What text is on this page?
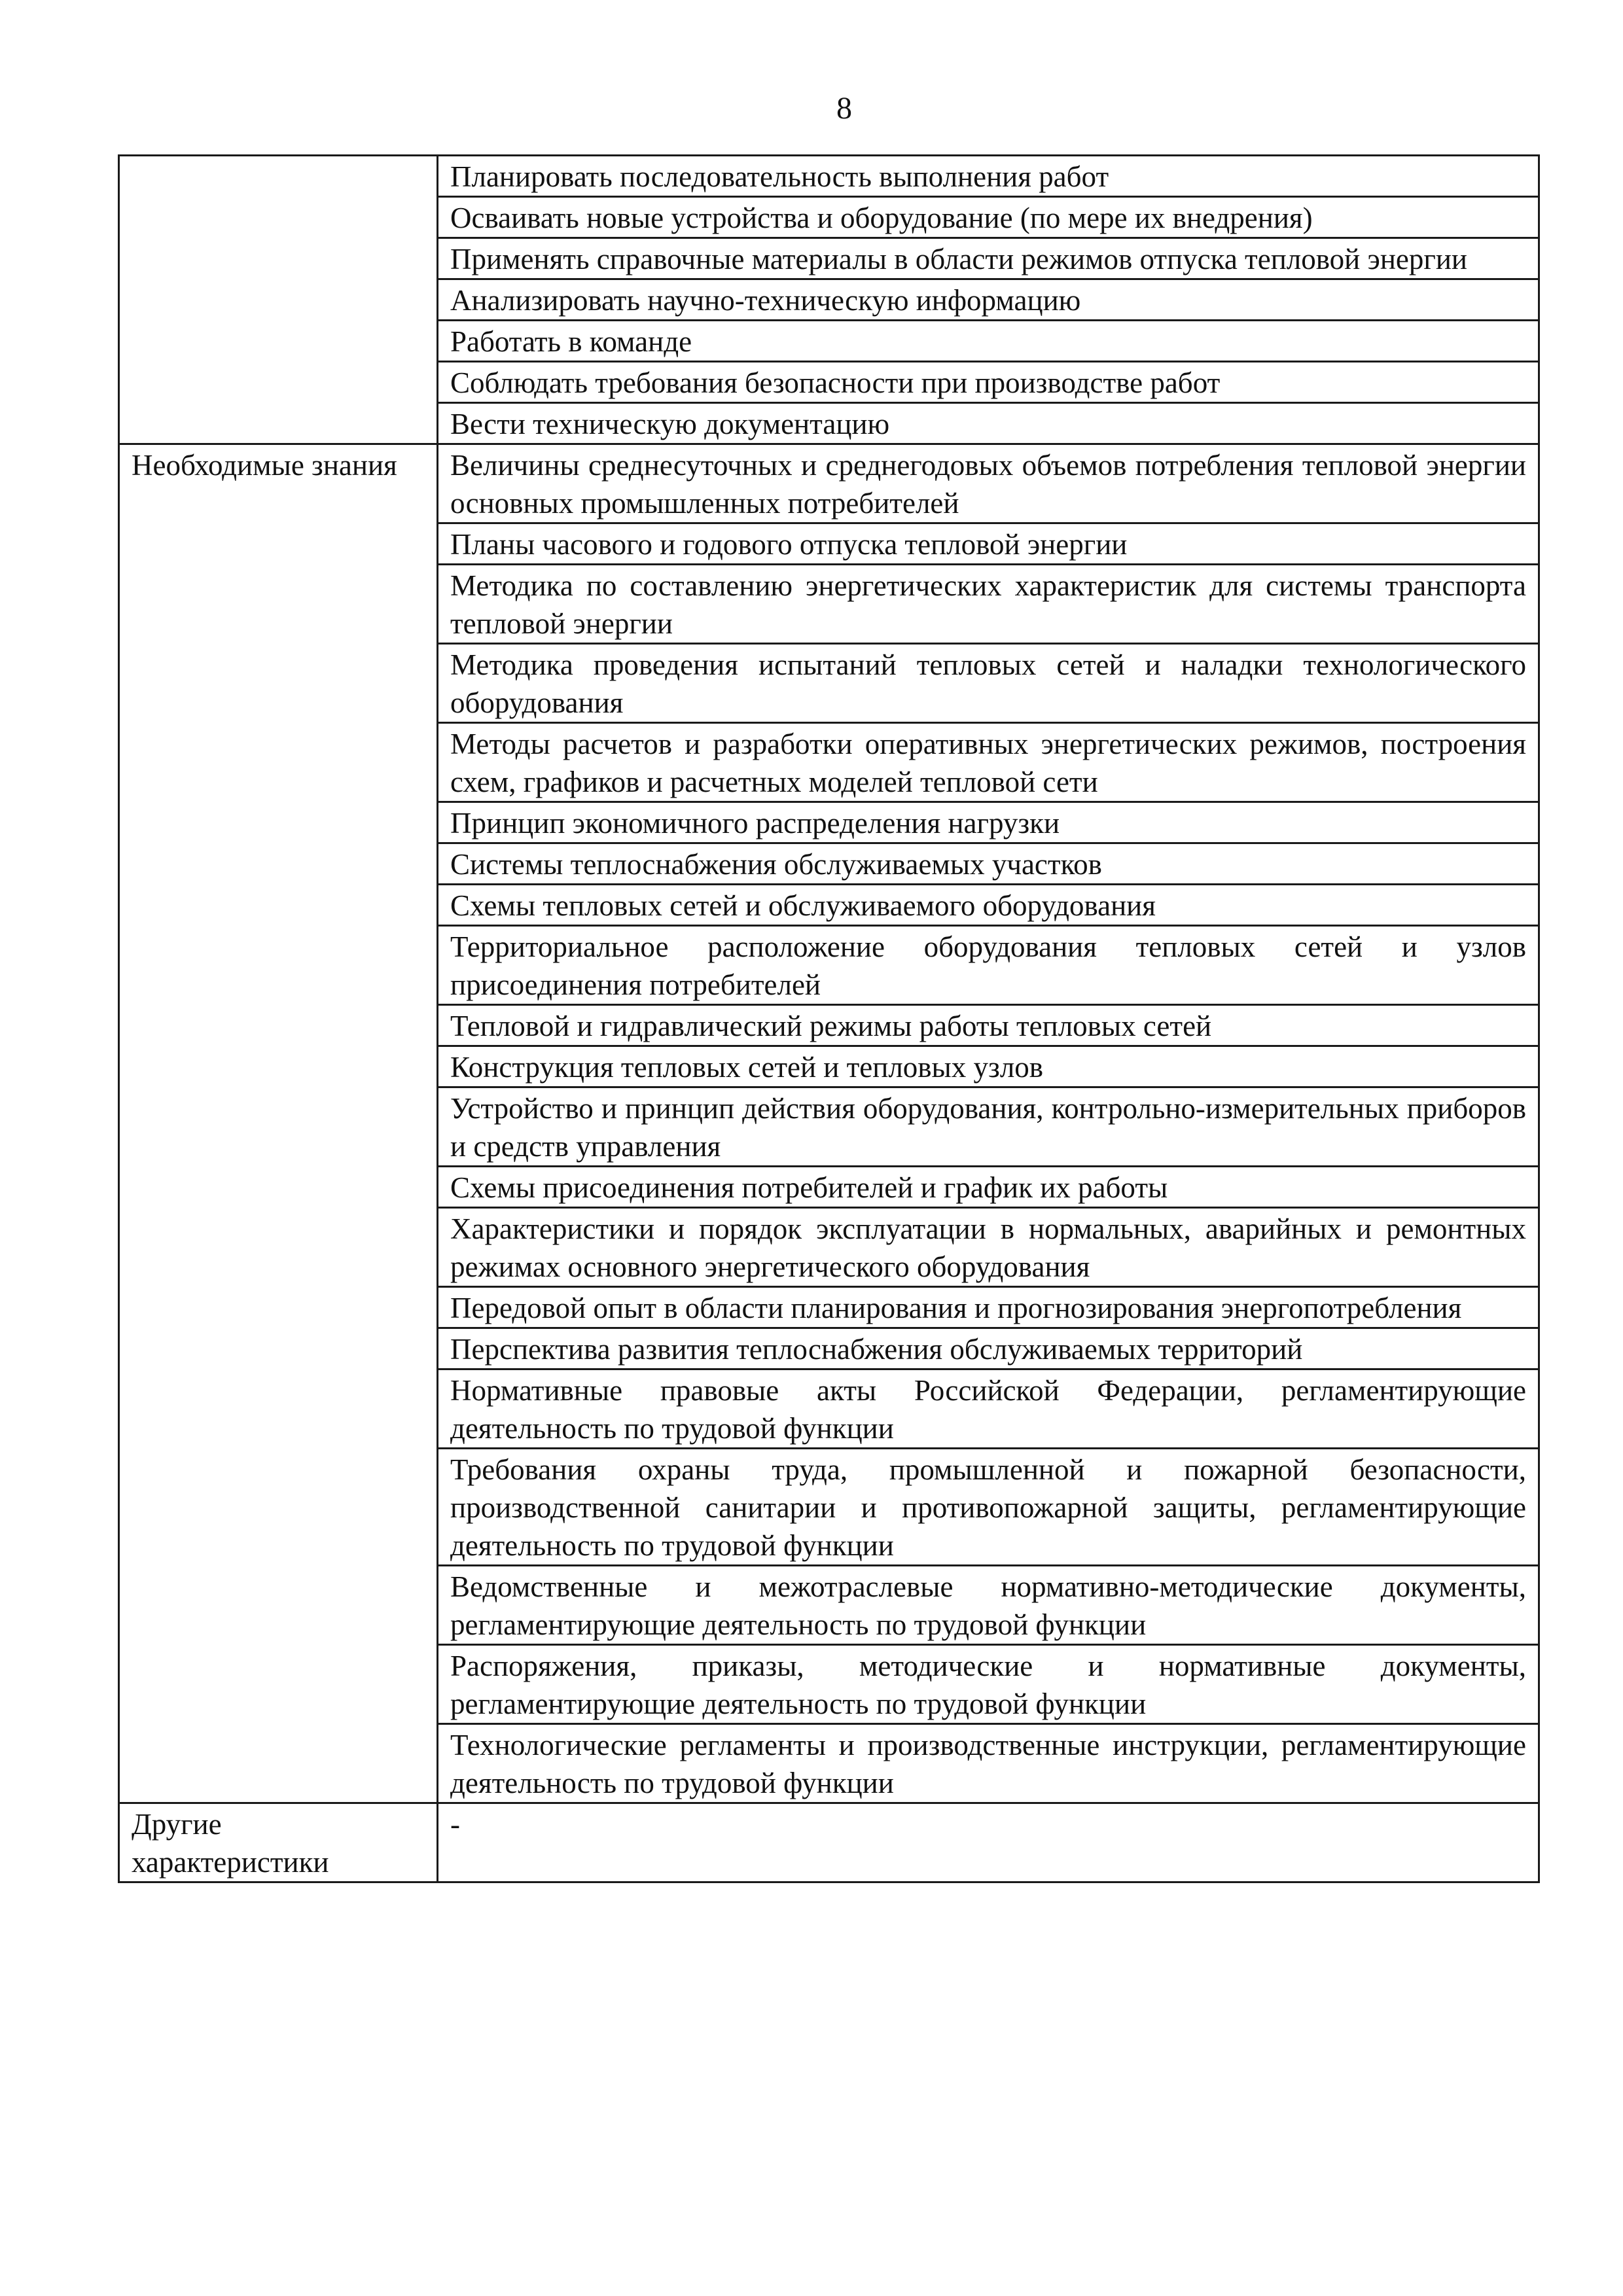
8
	Планировать последовательность выполнения работ
	Осваивать новые устройства и оборудование (по мере их внедрения)
	Применять справочные материалы в области режимов отпуска тепловой энергии
	Анализировать научно-техническую информацию
	Работать в команде
	Соблюдать требования безопасности при производстве работ
	Вести техническую документацию
Необходимые знания	Величины среднесуточных и среднегодовых объемов потребления тепловой энергии основных промышленных потребителей
	Планы часового и годового отпуска тепловой энергии
	Методика по составлению энергетических характеристик для системы транспорта тепловой энергии
	Методика проведения испытаний тепловых сетей и наладки технологического оборудования
	Методы расчетов и разработки оперативных энергетических режимов, построения схем, графиков и расчетных моделей тепловой сети
	Принцип экономичного распределения нагрузки
	Системы теплоснабжения обслуживаемых участков
	Схемы тепловых сетей и обслуживаемого оборудования
	Территориальное расположение оборудования тепловых сетей и узлов присоединения потребителей
	Тепловой и гидравлический режимы работы тепловых сетей
	Конструкция тепловых сетей и тепловых узлов
	Устройство и принцип действия оборудования, контрольно-измерительных приборов и средств управления
	Схемы присоединения потребителей и график их работы
	Характеристики и порядок эксплуатации в нормальных, аварийных и ремонтных режимах основного энергетического оборудования
	Передовой опыт в области планирования и прогнозирования энергопотребления
	Перспектива развития теплоснабжения обслуживаемых территорий
	Нормативные правовые акты Российской Федерации, регламентирующие деятельность по трудовой функции
	Требования охраны труда, промышленной и пожарной безопасности, производственной санитарии и противопожарной защиты, регламентирующие деятельность по трудовой функции
	Ведомственные и межотраслевые нормативно-методические документы, регламентирующие деятельность по трудовой функции
	Распоряжения, приказы, методические и нормативные документы, регламентирующие деятельность по трудовой функции
	Технологические регламенты и производственные инструкции, регламентирующие деятельность по трудовой функции
Другие характеристики	-
